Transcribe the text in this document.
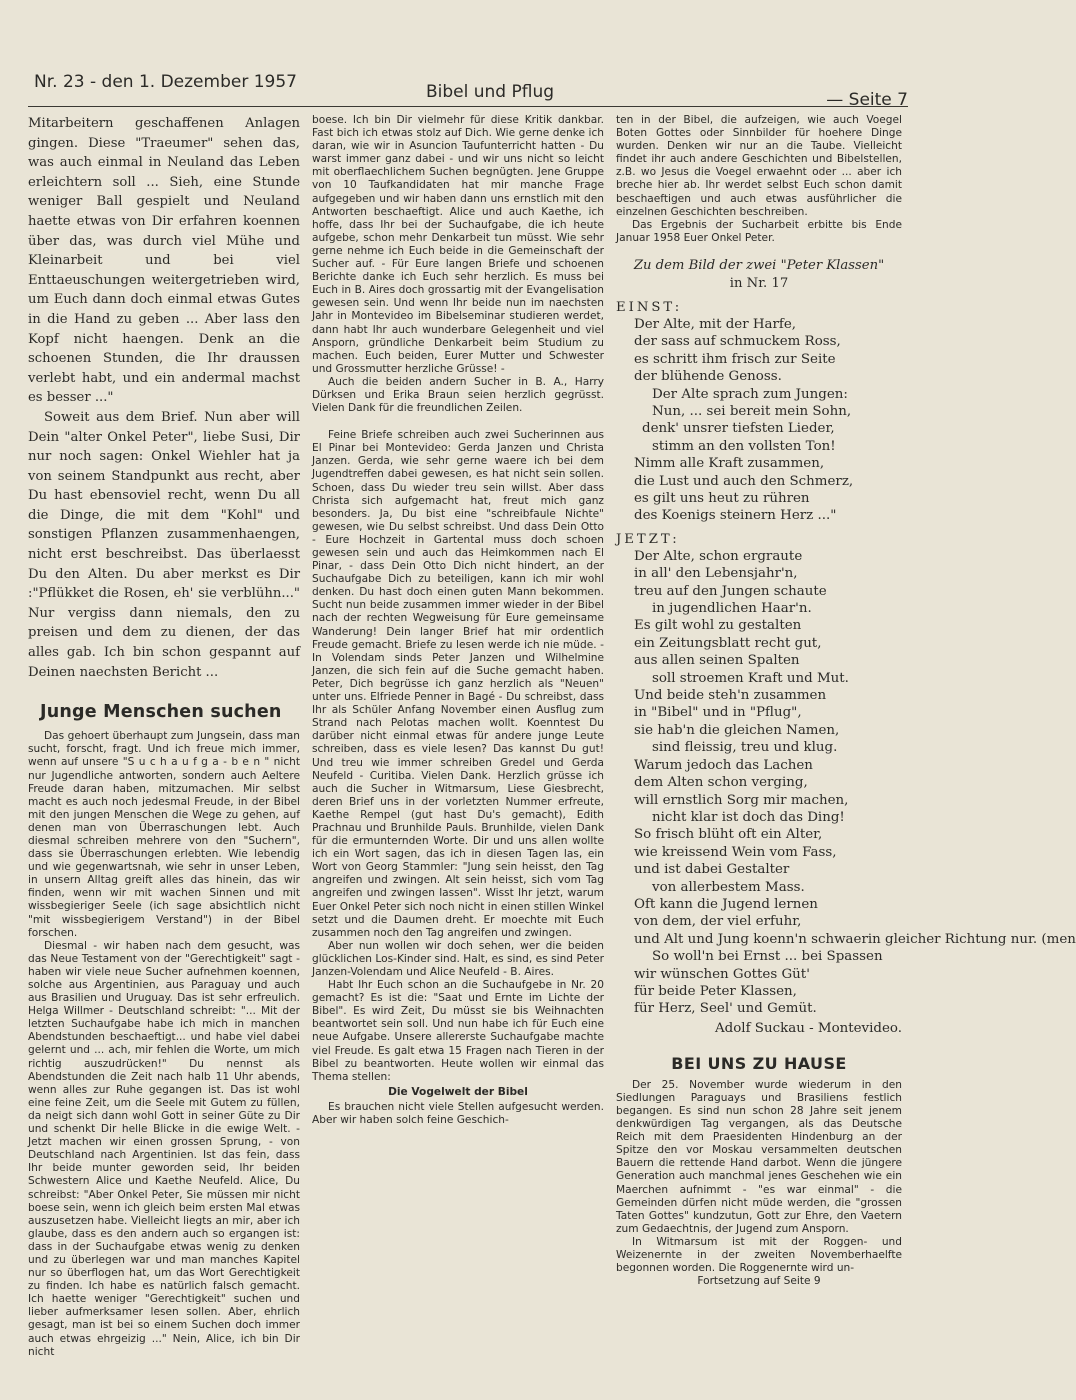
Nr. 23 - den 1. Dezember 1957	Bibel und Pflug	— Seite 7

Mitarbeitern geschaffenen Anlagen gingen. Diese "Traeumer" sehen das, was auch einmal in Neuland das Leben erleichtern soll ... Sieh, eine Stunde weniger Ball gespielt und Neuland haette etwas von Dir erfahren koennen über das, was durch viel Mühe und Kleinarbeit und bei viel Enttaeuschungen weitergetrieben wird, um Euch dann doch einmal etwas Gutes in die Hand zu geben ... Aber lass den Kopf nicht haengen. Denk an die schoenen Stunden, die Ihr draussen verlebt habt, und ein andermal machst es besser ..."

Soweit aus dem Brief. Nun aber will Dein "alter Onkel Peter", liebe Susi, Dir nur noch sagen: Onkel Wiehler hat ja von seinem Standpunkt aus recht, aber Du hast ebensoviel recht, wenn Du all die Dinge, die mit dem "Kohl" und sonstigen Pflanzen zusammenhaengen, nicht erst beschreibst. Das überlaesst Du den Alten. Du aber merkst es Dir :"Pflükket die Rosen, eh' sie verblühn..." Nur vergiss dann niemals, den zu preisen und dem zu dienen, der das alles gab. Ich bin schon gespannt auf Deinen naechsten Bericht ...

Junge Menschen suchen

Das gehoert überhaupt zum Jungsein, dass man sucht, forscht, fragt. Und ich freue mich immer, wenn auf unsere "S u c h a u f g a - b e n " nicht nur Jugendliche antworten, sondern auch Aeltere Freude daran haben, mitzumachen. Mir selbst macht es auch noch jedesmal Freude, in der Bibel mit den jungen Menschen die Wege zu gehen, auf denen man von Überraschungen lebt. Auch diesmal schreiben mehrere von den "Suchern", dass sie Überraschungen erlebten. Wie lebendig und wie gegenwartsnah, wie sehr in unser Leben, in unsern Alltag greift alles das hinein, das wir finden, wenn wir mit wachen Sinnen und mit wissbegieriger Seele (ich sage absichtlich nicht "mit wissbegierigem Verstand") in der Bibel forschen.

Diesmal - wir haben nach dem gesucht, was das Neue Testament von der "Gerechtigkeit" sagt - haben wir viele neue Sucher aufnehmen koennen, solche aus Argentinien, aus Paraguay und auch aus Brasilien und Uruguay. Das ist sehr erfreulich. Helga Willmer - Deutschland schreibt: "... Mit der letzten Suchaufgabe habe ich mich in manchen Abendstunden beschaeftigt... und habe viel dabei gelernt und ... ach, mir fehlen die Worte, um mich richtig auszudrücken!" Du nennst als Abendstunden die Zeit nach halb 11 Uhr abends, wenn alles zur Ruhe gegangen ist. Das ist wohl eine feine Zeit, um die Seele mit Gutem zu füllen, da neigt sich dann wohl Gott in seiner Güte zu Dir und schenkt Dir helle Blicke in die ewige Welt. - Jetzt machen wir einen grossen Sprung, - von Deutschland nach Argentinien. Ist das fein, dass Ihr beide munter geworden seid, Ihr beiden Schwestern Alice und Kaethe Neufeld. Alice, Du schreibst: "Aber Onkel Peter, Sie müssen mir nicht boese sein, wenn ich gleich beim ersten Mal etwas auszusetzen habe. Vielleicht liegts an mir, aber ich glaube, dass es den andern auch so ergangen ist: dass in der Suchaufgabe etwas wenig zu denken und zu überlegen war und man manches Kapitel nur so überflogen hat, um das Wort Gerechtigkeit zu finden. Ich habe es natürlich falsch gemacht. Ich haette weniger "Gerechtigkeit" suchen und lieber aufmerksamer lesen sollen. Aber, ehrlich gesagt, man ist bei so einem Suchen doch immer auch etwas ehrgeizig ..." Nein, Alice, ich bin Dir nicht

boese. Ich bin Dir vielmehr für diese Kritik dankbar. Fast bich ich etwas stolz auf Dich. Wie gerne denke ich daran, wie wir in Asuncion Taufunterricht hatten - Du warst immer ganz dabei - und wir uns nicht so leicht mit oberflaechlichem Suchen begnügten. Jene Gruppe von 10 Taufkandidaten hat mir manche Frage aufgegeben und wir haben dann uns ernstlich mit den Antworten beschaeftigt. Alice und auch Kaethe, ich hoffe, dass Ihr bei der Suchaufgabe, die ich heute aufgebe, schon mehr Denkarbeit tun müsst. Wie sehr gerne nehme ich Euch beide in die Gemeinschaft der Sucher auf. - Für Eure langen Briefe und schoenen Berichte danke ich Euch sehr herzlich. Es muss bei Euch in B. Aires doch grossartig mit der Evangelisation gewesen sein. Und wenn Ihr beide nun im naechsten Jahr in Montevideo im Bibelseminar studieren werdet, dann habt Ihr auch wunderbare Gelegenheit und viel Ansporn, gründliche Denkarbeit beim Studium zu machen. Euch beiden, Eurer Mutter und Schwester und Grossmutter herzliche Grüsse! -

Auch die beiden andern Sucher in B. A., Harry Dürksen und Erika Braun seien herzlich gegrüsst. Vielen Dank für die freundlichen Zeilen.

Feine Briefe schreiben auch zwei Sucherinnen aus El Pinar bei Montevideo: Gerda Janzen und Christa Janzen. Gerda, wie sehr gerne waere ich bei dem Jugendtreffen dabei gewesen, es hat nicht sein sollen. Schoen, dass Du wieder treu sein willst. Aber dass Christa sich aufgemacht hat, freut mich ganz besonders. Ja, Du bist eine "schreibfaule Nichte" gewesen, wie Du selbst schreibst. Und dass Dein Otto - Eure Hochzeit in Gartental muss doch schoen gewesen sein und auch das Heimkommen nach El Pinar, - dass Dein Otto Dich nicht hindert, an der Suchaufgabe Dich zu beteiligen, kann ich mir wohl denken. Du hast doch einen guten Mann bekommen. Sucht nun beide zusammen immer wieder in der Bibel nach der rechten Wegweisung für Eure gemeinsame Wanderung! Dein langer Brief hat mir ordentlich Freude gemacht. Briefe zu lesen werde ich nie müde. - In Volendam sinds Peter Janzen und Wilhelmine Janzen, die sich fein auf die Suche gemacht haben. Peter, Dich begrüsse ich ganz herzlich als "Neuen" unter uns. Elfriede Penner in Bagé - Du schreibst, dass Ihr als Schüler Anfang November einen Ausflug zum Strand nach Pelotas machen wollt. Koenntest Du darüber nicht einmal etwas für andere junge Leute schreiben, dass es viele lesen? Das kannst Du gut! Und treu wie immer schreiben Gredel und Gerda Neufeld - Curitiba. Vielen Dank. Herzlich grüsse ich auch die Sucher in Witmarsum, Liese Giesbrecht, deren Brief uns in der vorletzten Nummer erfreute, Kaethe Rempel (gut hast Du's gemacht), Edith Prachnau und Brunhilde Pauls. Brunhilde, vielen Dank für die ermunternden Worte. Dir und uns allen wollte ich ein Wort sagen, das ich in diesen Tagen las, ein Wort von Georg Stammler: "Jung sein heisst, den Tag angreifen und zwingen. Alt sein heisst, sich vom Tag angreifen und zwingen lassen". Wisst Ihr jetzt, warum Euer Onkel Peter sich noch nicht in einen stillen Winkel setzt und die Daumen dreht. Er moechte mit Euch zusammen noch den Tag angreifen und zwingen.

Aber nun wollen wir doch sehen, wer die beiden glücklichen Los-Kinder sind. Halt, es sind, es sind Peter Janzen-Volendam und Alice Neufeld - B. Aires.

Habt Ihr Euch schon an die Suchaufgebe in Nr. 20 gemacht? Es ist die: "Saat und Ernte im Lichte der Bibel". Es wird Zeit, Du müsst sie bis Weihnachten beantwortet sein soll. Und nun habe ich für Euch eine neue Aufgabe. Unsere allererste Suchaufgabe machte viel Freude. Es galt etwa 15 Fragen nach Tieren in der Bibel zu beantworten. Heute wollen wir einmal das Thema stellen:

Die Vogelwelt der Bibel

Es brauchen nicht viele Stellen aufgesucht werden. Aber wir haben solch feine Geschich-

ten in der Bibel, die aufzeigen, wie auch Voegel Boten Gottes oder Sinnbilder für hoehere Dinge wurden. Denken wir nur an die Taube. Vielleicht findet ihr auch andere Geschichten und Bibelstellen, z.B. wo Jesus die Voegel erwaehnt oder ... aber ich breche hier ab. Ihr werdet selbst Euch schon damit beschaeftigen und auch etwas ausführlicher die einzelnen Geschichten beschreiben.

Das Ergebnis der Sucharbeit erbitte bis Ende Januar 1958 Euer Onkel Peter.

Zu dem Bild der zwei "Peter Klassen"
in Nr. 17
EINST:
Der Alte, mit der Harfe,
der sass auf schmuckem Ross,
es schritt ihm frisch zur Seite
der blühende Genoss.
Der Alte sprach zum Jungen:
Nun, ... sei bereit mein Sohn,
denk' unsrer tiefsten Lieder,
stimm an den vollsten Ton!
Nimm alle Kraft zusammen,
die Lust und auch den Schmerz,
es gilt uns heut zu rühren
des Koenigs steinern Herz ..."
JETZT:
Der Alte, schon ergraute
in all' den Lebensjahr'n,
treu auf den Jungen schaute
in jugendlichen Haar'n.
Es gilt wohl zu gestalten
ein Zeitungsblatt recht gut,
aus allen seinen Spalten
soll stroemen Kraft und Mut.
Und beide steh'n zusammen
in "Bibel" und in "Pflug",
sie hab'n die gleichen Namen,
sind fleissig, treu und klug.
Warum jedoch das Lachen
dem Alten schon verging,
will ernstlich Sorg mir machen,
nicht klar ist doch das Ding!
So frisch blüht oft ein Alter,
wie kreissend Wein vom Fass,
und ist dabei Gestalter
von allerbestem Mass.
Oft kann die Jugend lernen
von dem, der viel erfuhr,
und Alt und Jung koenn'n schwaerin gleicher Richtung nur. (men
So woll'n bei Ernst ... bei Spassen
wir wünschen Gottes Güt'
für beide Peter Klassen,
für Herz, Seel' und Gemüt.
Adolf Suckau - Montevideo.
BEI UNS ZU HAUSE

Der 25. November wurde wiederum in den Siedlungen Paraguays und Brasiliens festlich begangen. Es sind nun schon 28 Jahre seit jenem denkwürdigen Tag vergangen, als das Deutsche Reich mit dem Praesidenten Hindenburg an der Spitze den vor Moskau versammelten deutschen Bauern die rettende Hand darbot. Wenn die jüngere Generation auch manchmal jenes Geschehen wie ein Maerchen aufnimmt - "es war einmal" - die Gemeinden dürfen nicht müde werden, die "grossen Taten Gottes" kundzutun, Gott zur Ehre, den Vaetern zum Gedaechtnis, der Jugend zum Ansporn.

In Witmarsum ist mit der Roggen- und Weizenernte in der zweiten Novemberhaelfte begonnen worden. Die Roggenernte wird un-

Fortsetzung auf Seite 9
